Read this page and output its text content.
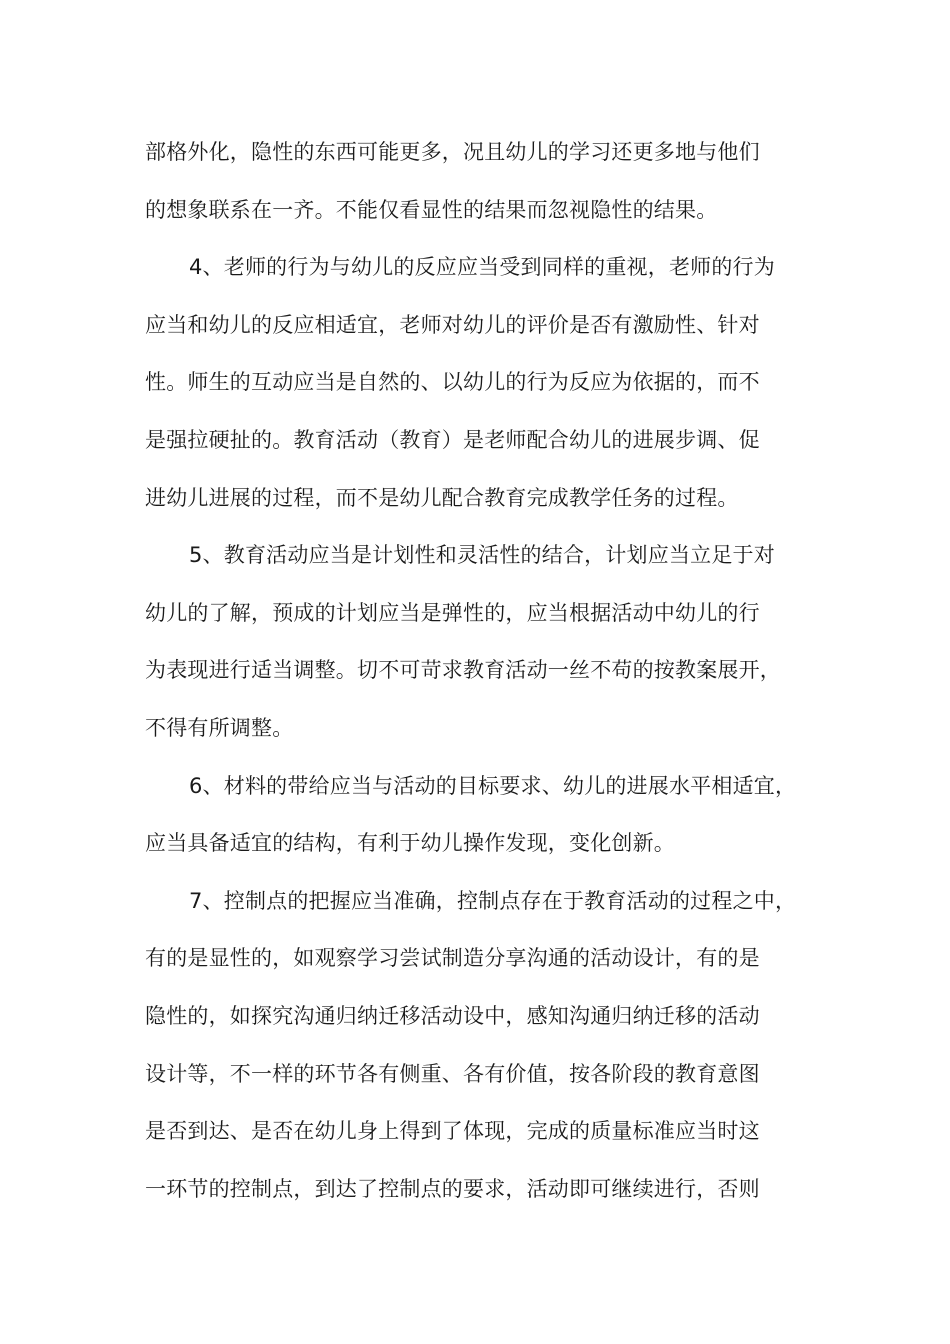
部格外化，隐性的东西可能更多，况且幼儿的学习还更多地与他们
的想象联系在一齐。不能仅看显性的结果而忽视隐性的结果。
4、老师的行为与幼儿的反应应当受到同样的重视，老师的行为
应当和幼儿的反应相适宜，老师对幼儿的评价是否有激励性、针对
性。师生的互动应当是自然的、以幼儿的行为反应为依据的，而不
是强拉硬扯的。教育活动（教育）是老师配合幼儿的进展步调、促
进幼儿进展的过程，而不是幼儿配合教育完成教学任务的过程。
5、教育活动应当是计划性和灵活性的结合，计划应当立足于对
幼儿的了解，预成的计划应当是弹性的，应当根据活动中幼儿的行
为表现进行适当调整。切不可苛求教育活动一丝不苟的按教案展开，
不得有所调整。
6、材料的带给应当与活动的目标要求、幼儿的进展水平相适宜，
应当具备适宜的结构，有利于幼儿操作发现，变化创新。
7、控制点的把握应当准确，控制点存在于教育活动的过程之中，
有的是显性的，如观察学习尝试制造分享沟通的活动设计，有的是
隐性的，如探究沟通归纳迁移活动设中，感知沟通归纳迁移的活动
设计等，不一样的环节各有侧重、各有价值，按各阶段的教育意图
是否到达、是否在幼儿身上得到了体现，完成的质量标准应当时这
一环节的控制点，到达了控制点的要求，活动即可继续进行，否则
